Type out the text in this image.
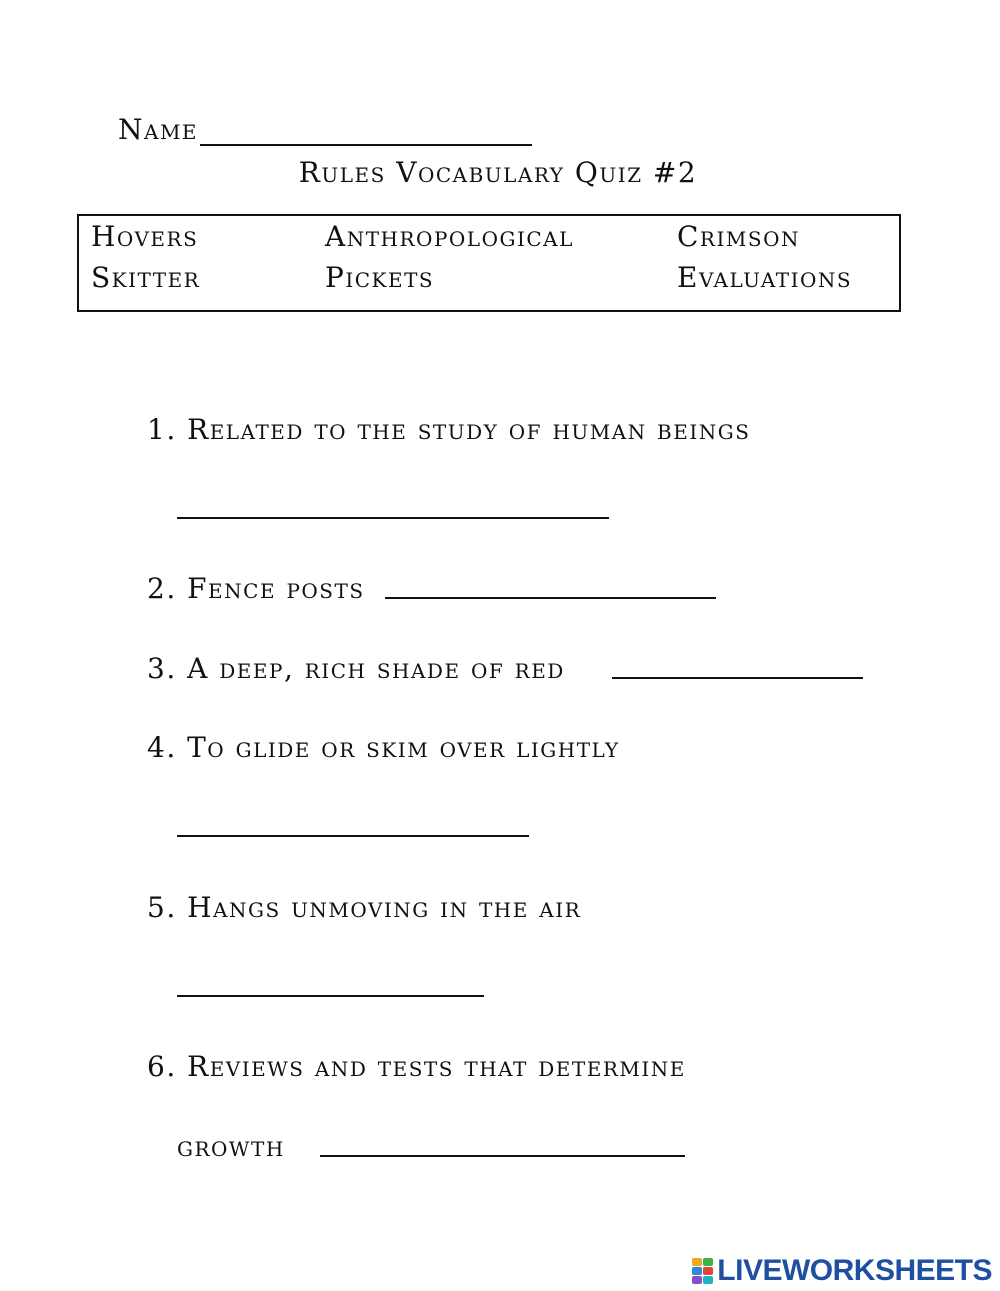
Name
Rules Vocabulary Quiz #2
Hovers	Anthropological	Crimson
Skitter	Pickets	Evaluations
1. Related to the study of human beings
2. Fence posts
3. A deep, rich shade of red
4. To glide or skim over lightly
5. Hangs unmoving in the air
6. Reviews and tests that determine
growth
LIVEWORKSHEETS
